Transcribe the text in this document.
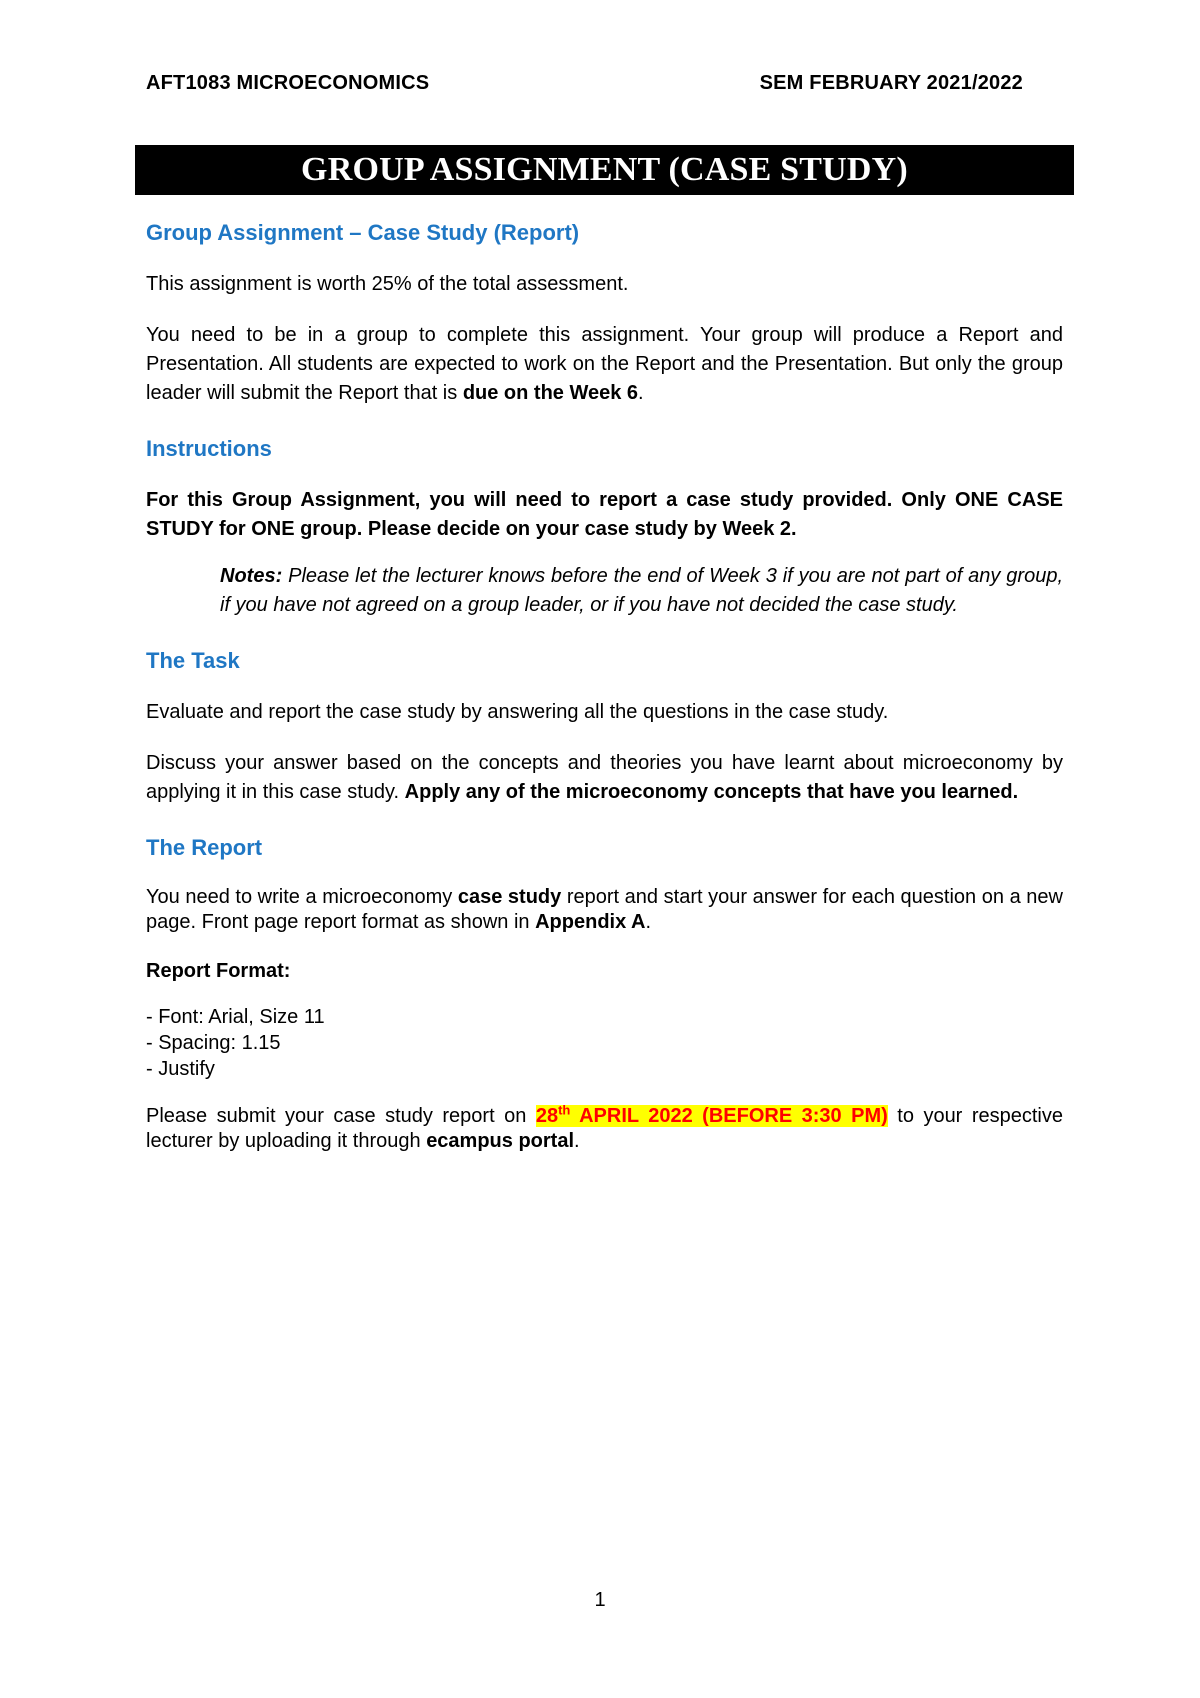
AFT1083 MICROECONOMICS	SEM FEBRUARY 2021/2022
GROUP ASSIGNMENT (CASE STUDY)
Group Assignment – Case Study (Report)

This assignment is worth 25% of the total assessment.

You need to be in a group to complete this assignment. Your group will produce a Report and Presentation. All students are expected to work on the Report and the Presentation. But only the group leader will submit the Report that is due on the Week 6.

Instructions

For this Group Assignment, you will need to report a case study provided. Only ONE CASE STUDY for ONE group. Please decide on your case study by Week 2.

Notes: Please let the lecturer knows before the end of Week 3 if you are not part of any group, if you have not agreed on a group leader, or if you have not decided the case study.

The Task

Evaluate and report the case study by answering all the questions in the case study.

Discuss your answer based on the concepts and theories you have learnt about microeconomy by applying it in this case study. Apply any of the microeconomy concepts that have you learned.

The Report

You need to write a microeconomy case study report and start your answer for each question on a new page. Front page report format as shown in Appendix A.

Report Format:

- Font: Arial, Size 11
- Spacing: 1.15
- Justify

Please submit your case study report on 28th APRIL 2022 (BEFORE 3:30 PM) to your respective lecturer by uploading it through ecampus portal.

1
